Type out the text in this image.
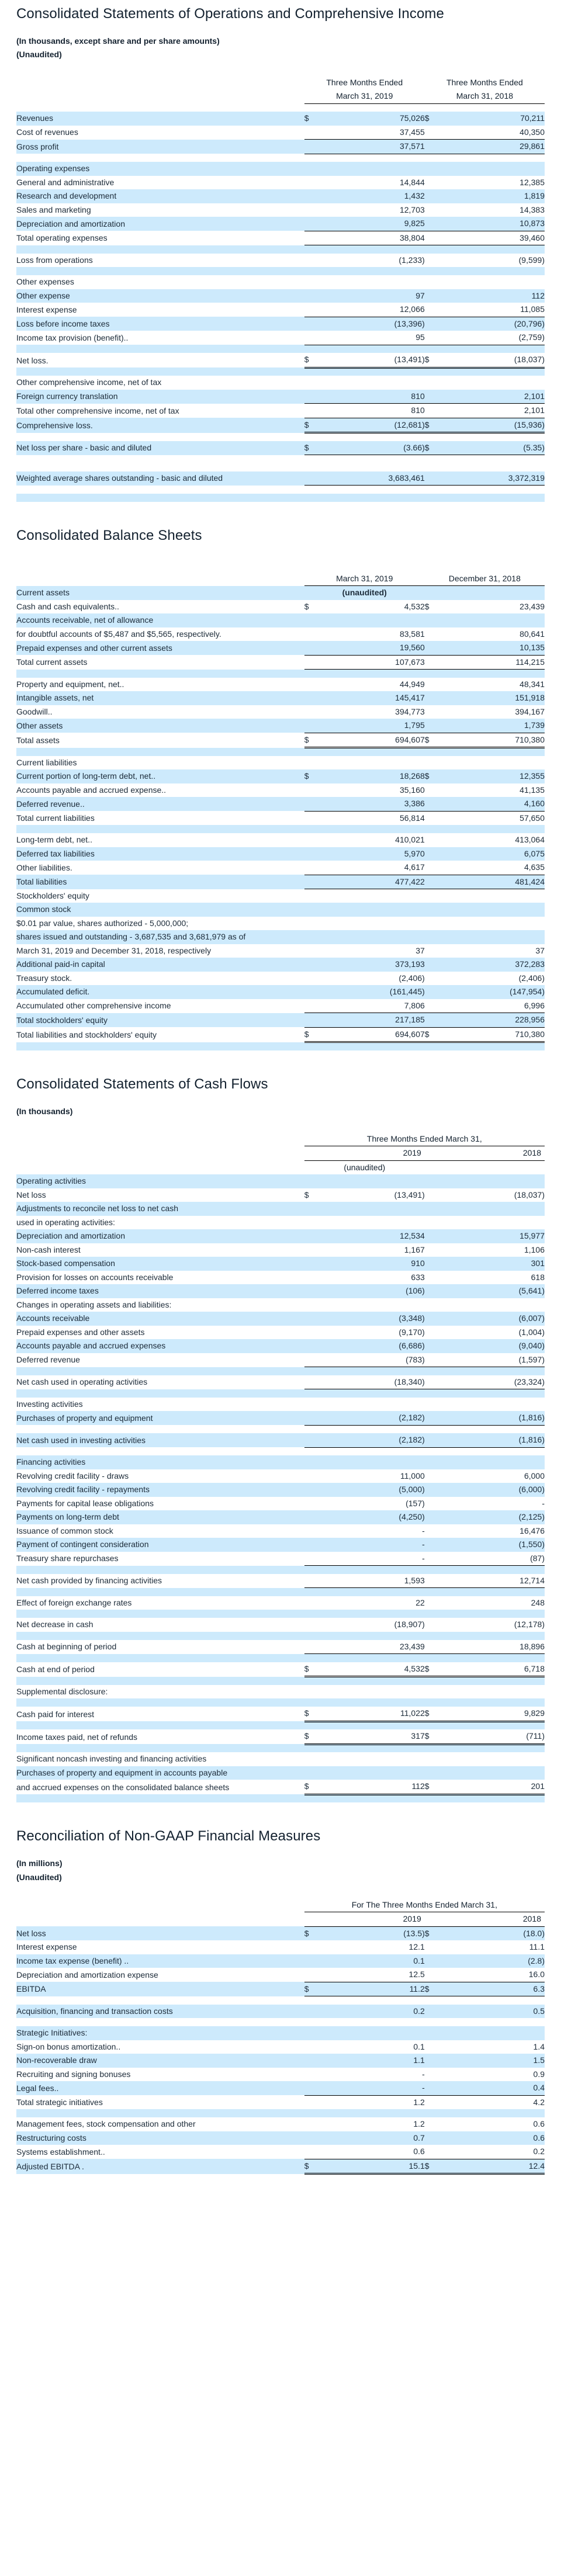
Consolidated Statements of Operations and Comprehensive Income
(In thousands, except share and per share amounts)
(Unaudited)
	Three Months Ended		Three Months Ended	
	March 31, 2019		March 31, 2018	

Revenues	$	75,026	$	70,211
Cost of revenues		37,455		40,350
Gross profit		37,571		29,861

Operating expenses				
General and administrative		14,844		12,385
Research and development		1,432		1,819
Sales and marketing		12,703		14,383
Depreciation and amortization		9,825		10,873
Total operating expenses		38,804		39,460

Loss from operations		(1,233)		(9,599)

Other expenses				
Other expense		97		112
Interest expense		12,066		11,085
Loss before income taxes		(13,396)		(20,796)
Income tax provision (benefit)..		95		(2,759)

Net loss.	$	(13,491)	$	(18,037)

Other comprehensive income, net of tax				
Foreign currency translation		810		2,101
Total other comprehensive income, net of tax		810		2,101
Comprehensive loss.	$	(12,681)	$	(15,936)

Net loss per share - basic and diluted	$	(3.66)	$	(5.35)

Weighted average shares outstanding - basic and diluted		3,683,461		3,372,319

Consolidated Balance Sheets
	March 31, 2019		December 31, 2018	
Current assets	(unaudited)			
Cash and cash equivalents..	$	4,532	$	23,439
Accounts receivable, net of allowance				
for doubtful accounts of $5,487 and $5,565, respectively.		83,581		80,641
Prepaid expenses and other current assets		19,560		10,135
Total current assets		107,673		114,215

Property and equipment, net..		44,949		48,341
Intangible assets, net		145,417		151,918
Goodwill..		394,773		394,167
Other assets		1,795		1,739
Total assets	$	694,607	$	710,380

Current liabilities				
Current portion of long-term debt, net..	$	18,268	$	12,355
Accounts payable and accrued expense..		35,160		41,135
Deferred revenue..		3,386		4,160
Total current liabilities		56,814		57,650

Long-term debt, net..		410,021		413,064
Deferred tax liabilities		5,970		6,075
Other liabilities.		4,617		4,635
Total liabilities		477,422		481,424
Stockholders' equity				
Common stock				
$0.01 par value, shares authorized - 5,000,000;				
shares issued and outstanding - 3,687,535 and 3,681,979 as of				
March 31, 2019 and December 31, 2018, respectively		37		37
Additional paid-in capital		373,193		372,283
Treasury stock.		(2,406)		(2,406)
Accumulated deficit.		(161,445)		(147,954)
Accumulated other comprehensive income		7,806		6,996
Total stockholders' equity		217,185		228,956
Total liabilities and stockholders' equity	$	694,607	$	710,380

Consolidated Statements of Cash Flows
(In thousands)
	Three Months Ended March 31,			
	2019		2018	
	(unaudited)			
Operating activities				
Net loss	$	(13,491)		(18,037)
Adjustments to reconcile net loss to net cash				
used in operating activities:				
Depreciation and amortization		12,534		15,977
Non-cash interest		1,167		1,106
Stock-based compensation		910		301
Provision for losses on accounts receivable		633		618
Deferred income taxes		(106)		(5,641)
Changes in operating assets and liabilities:				
Accounts receivable		(3,348)		(6,007)
Prepaid expenses and other assets		(9,170)		(1,004)
Accounts payable and accrued expenses		(6,686)		(9,040)
Deferred revenue		(783)		(1,597)

Net cash used in operating activities		(18,340)		(23,324)

Investing activities				
Purchases of property and equipment		(2,182)		(1,816)

Net cash used in investing activities		(2,182)		(1,816)

Financing activities				
Revolving credit facility - draws		11,000		6,000
Revolving credit facility - repayments		(5,000)		(6,000)
Payments for capital lease obligations		(157)		-
Payments on long-term debt		(4,250)		(2,125)
Issuance of common stock		-		16,476
Payment of contingent consideration		-		(1,550)
Treasury share repurchases		-		(87)

Net cash provided by financing activities		1,593		12,714

Effect of foreign exchange rates		22		248

Net decrease in cash		(18,907)		(12,178)

Cash at beginning of period		23,439		18,896

Cash at end of period	$	4,532	$	6,718

Supplemental disclosure:				

Cash paid for interest	$	11,022	$	9,829

Income taxes paid, net of refunds	$	317	$	(711)

Significant noncash investing and financing activities				
Purchases of property and equipment in accounts payable				
and accrued expenses on the consolidated balance sheets	$	112	$	201

Reconciliation of Non-GAAP Financial Measures
(In millions)
(Unaudited)
	For The Three Months Ended March 31,			
	2019		2018	
Net loss	$	(13.5)	$	(18.0)
Interest expense		12.1		11.1
Income tax expense (benefit) ..		0.1		(2.8)
Depreciation and amortization expense		12.5		16.0
EBITDA	$	11.2	$	6.3

Acquisition, financing and transaction costs		0.2		0.5

Strategic Initiatives:				
Sign-on bonus amortization..		0.1		1.4
Non-recoverable draw		1.1		1.5
Recruiting and signing bonuses		-		0.9
Legal fees..		-		0.4
Total strategic initiatives		1.2		4.2

Management fees, stock compensation and other		1.2		0.6
Restructuring costs		0.7		0.6
Systems establishment..		0.6		0.2
Adjusted EBITDA .	$	15.1	$	12.4
